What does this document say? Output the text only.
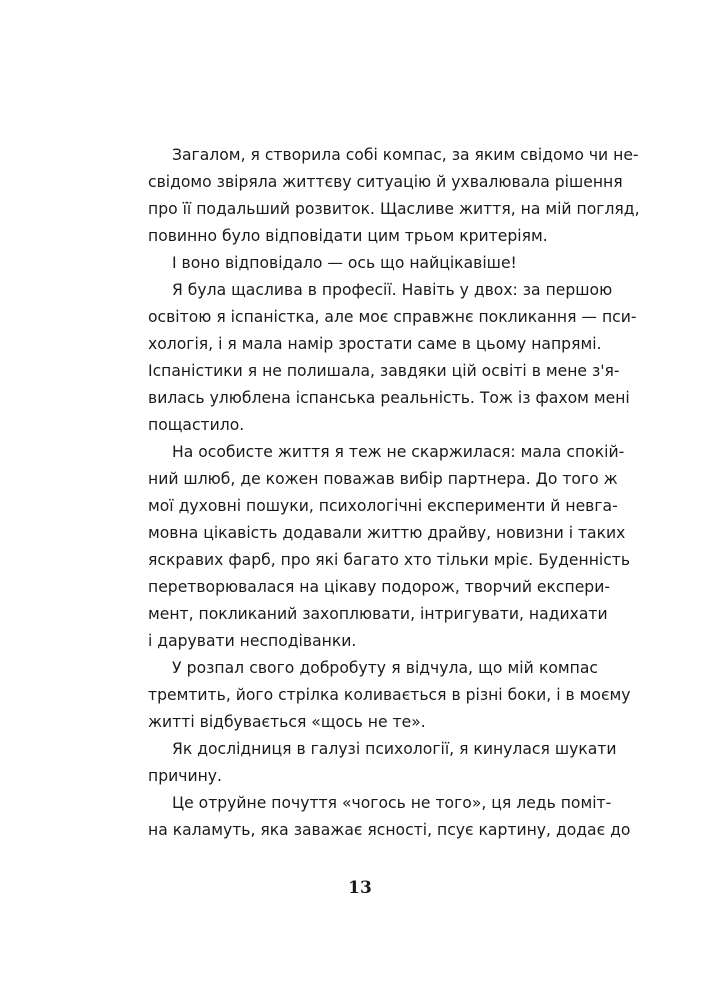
Загалом, я створила собі компас, за яким свідомо чи не-
свідомо звіряла життєву ситуацію й ухвалювала рішення
про її подальший розвиток. Щасливе життя, на мій погляд,
повинно було відповідати цим трьом критеріям.
І воно відповідало — ось що найцікавіше!
Я була щаслива в професії. Навіть у двох: за першою
освітою я іспаністка, але моє справжнє покликання — пси-
хологія, і я мала намір зростати саме в цьому напрямі.
Іспаністики я не полишала, завдяки цій освіті в мене з'я-
вилась улюблена іспанська реальність. Тож із фахом мені
пощастило.
На особисте життя я теж не скаржилася: мала спокій-
ний шлюб, де кожен поважав вибір партнера. До того ж
мої духовні пошуки, психологічні експерименти й невга-
мовна цікавість додавали життю драйву, новизни і таких
яскравих фарб, про які багато хто тільки мріє. Буденність
перетворювалася на цікаву подорож, творчий експери-
мент, покликаний захоплювати, інтригувати, надихати
і дарувати несподіванки.
У розпал свого добробуту я відчула, що мій компас
тремтить, його стрілка коливається в різні боки, і в моєму
житті відбувається «щось не те».
Як дослідниця в галузі психології, я кинулася шукати
причину.
Це отруйне почуття «чогось не того», ця ледь поміт-
на каламуть, яка заважає ясності, псує картину, додає до
13
